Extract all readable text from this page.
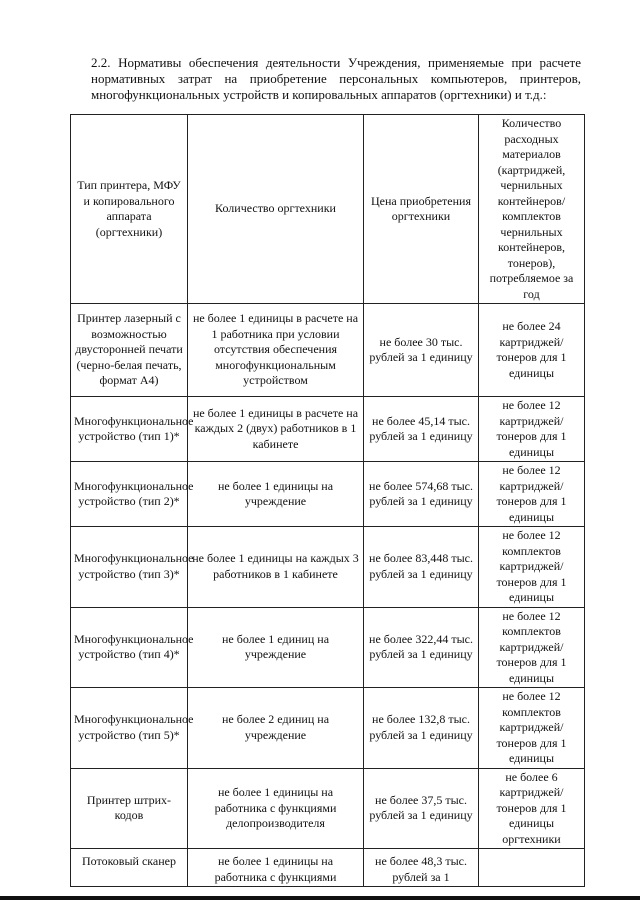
2.2. Нормативы обеспечения деятельности Учреждения, применяемые при расчете нормативных затрат на приобретение персональных компьютеров, принтеров, многофункциональных устройств и копировальных аппаратов (оргтехники) и т.д.:

Тип принтера, МФУ и копировального аппарата (оргтехники)	Количество оргтехники	Цена приобретения оргтехники	Количество расходных материалов (картриджей, чернильных контейнеров/комплектов чернильных контейнеров, тонеров), потребляемое за год
Принтер лазерный с возможностью двусторонней печати (черно-белая печать, формат А4)	не более 1 единицы в расчете на 1 работника при условии отсутствия обеспечения многофункциональным устройством	не более 30 тыс. рублей за 1 единицу	не более 24 картриджей/тонеров для 1 единицы
Многофункциональное устройство (тип 1)*	не более 1 единицы в расчете на каждых 2 (двух) работников в 1 кабинете	не более 45,14 тыс. рублей за 1 единицу	не более 12 картриджей/тонеров для 1 единицы
Многофункциональное устройство (тип 2)*	не более 1 единицы на учреждение	не более 574,68 тыс. рублей за 1 единицу	не более 12 картриджей/тонеров для 1 единицы
Многофункциональное устройство (тип 3)*	не более 1 единицы на каждых 3 работников в 1 кабинете	не более 83,448 тыс. рублей за 1 единицу	не более 12 комплектов картриджей/тонеров для 1 единицы
Многофункциональное устройство (тип 4)*	не более 1 единиц на учреждение	не более 322,44 тыс. рублей за 1 единицу	не более 12 комплектов картриджей/тонеров для 1 единицы
Многофункциональное устройство (тип 5)*	не более 2 единиц на учреждение	не более 132,8 тыс. рублей за 1 единицу	не более 12 комплектов картриджей/тонеров для 1 единицы
Принтер штрих-кодов	не более 1 единицы на работника с функциями делопроизводителя	не более 37,5 тыс. рублей за 1 единицу	не более 6 картриджей/тонеров для 1 единицы оргтехники
Потоковый сканер	не более 1 единицы на работника с функциями	не более 48,3 тыс. рублей за 1	
